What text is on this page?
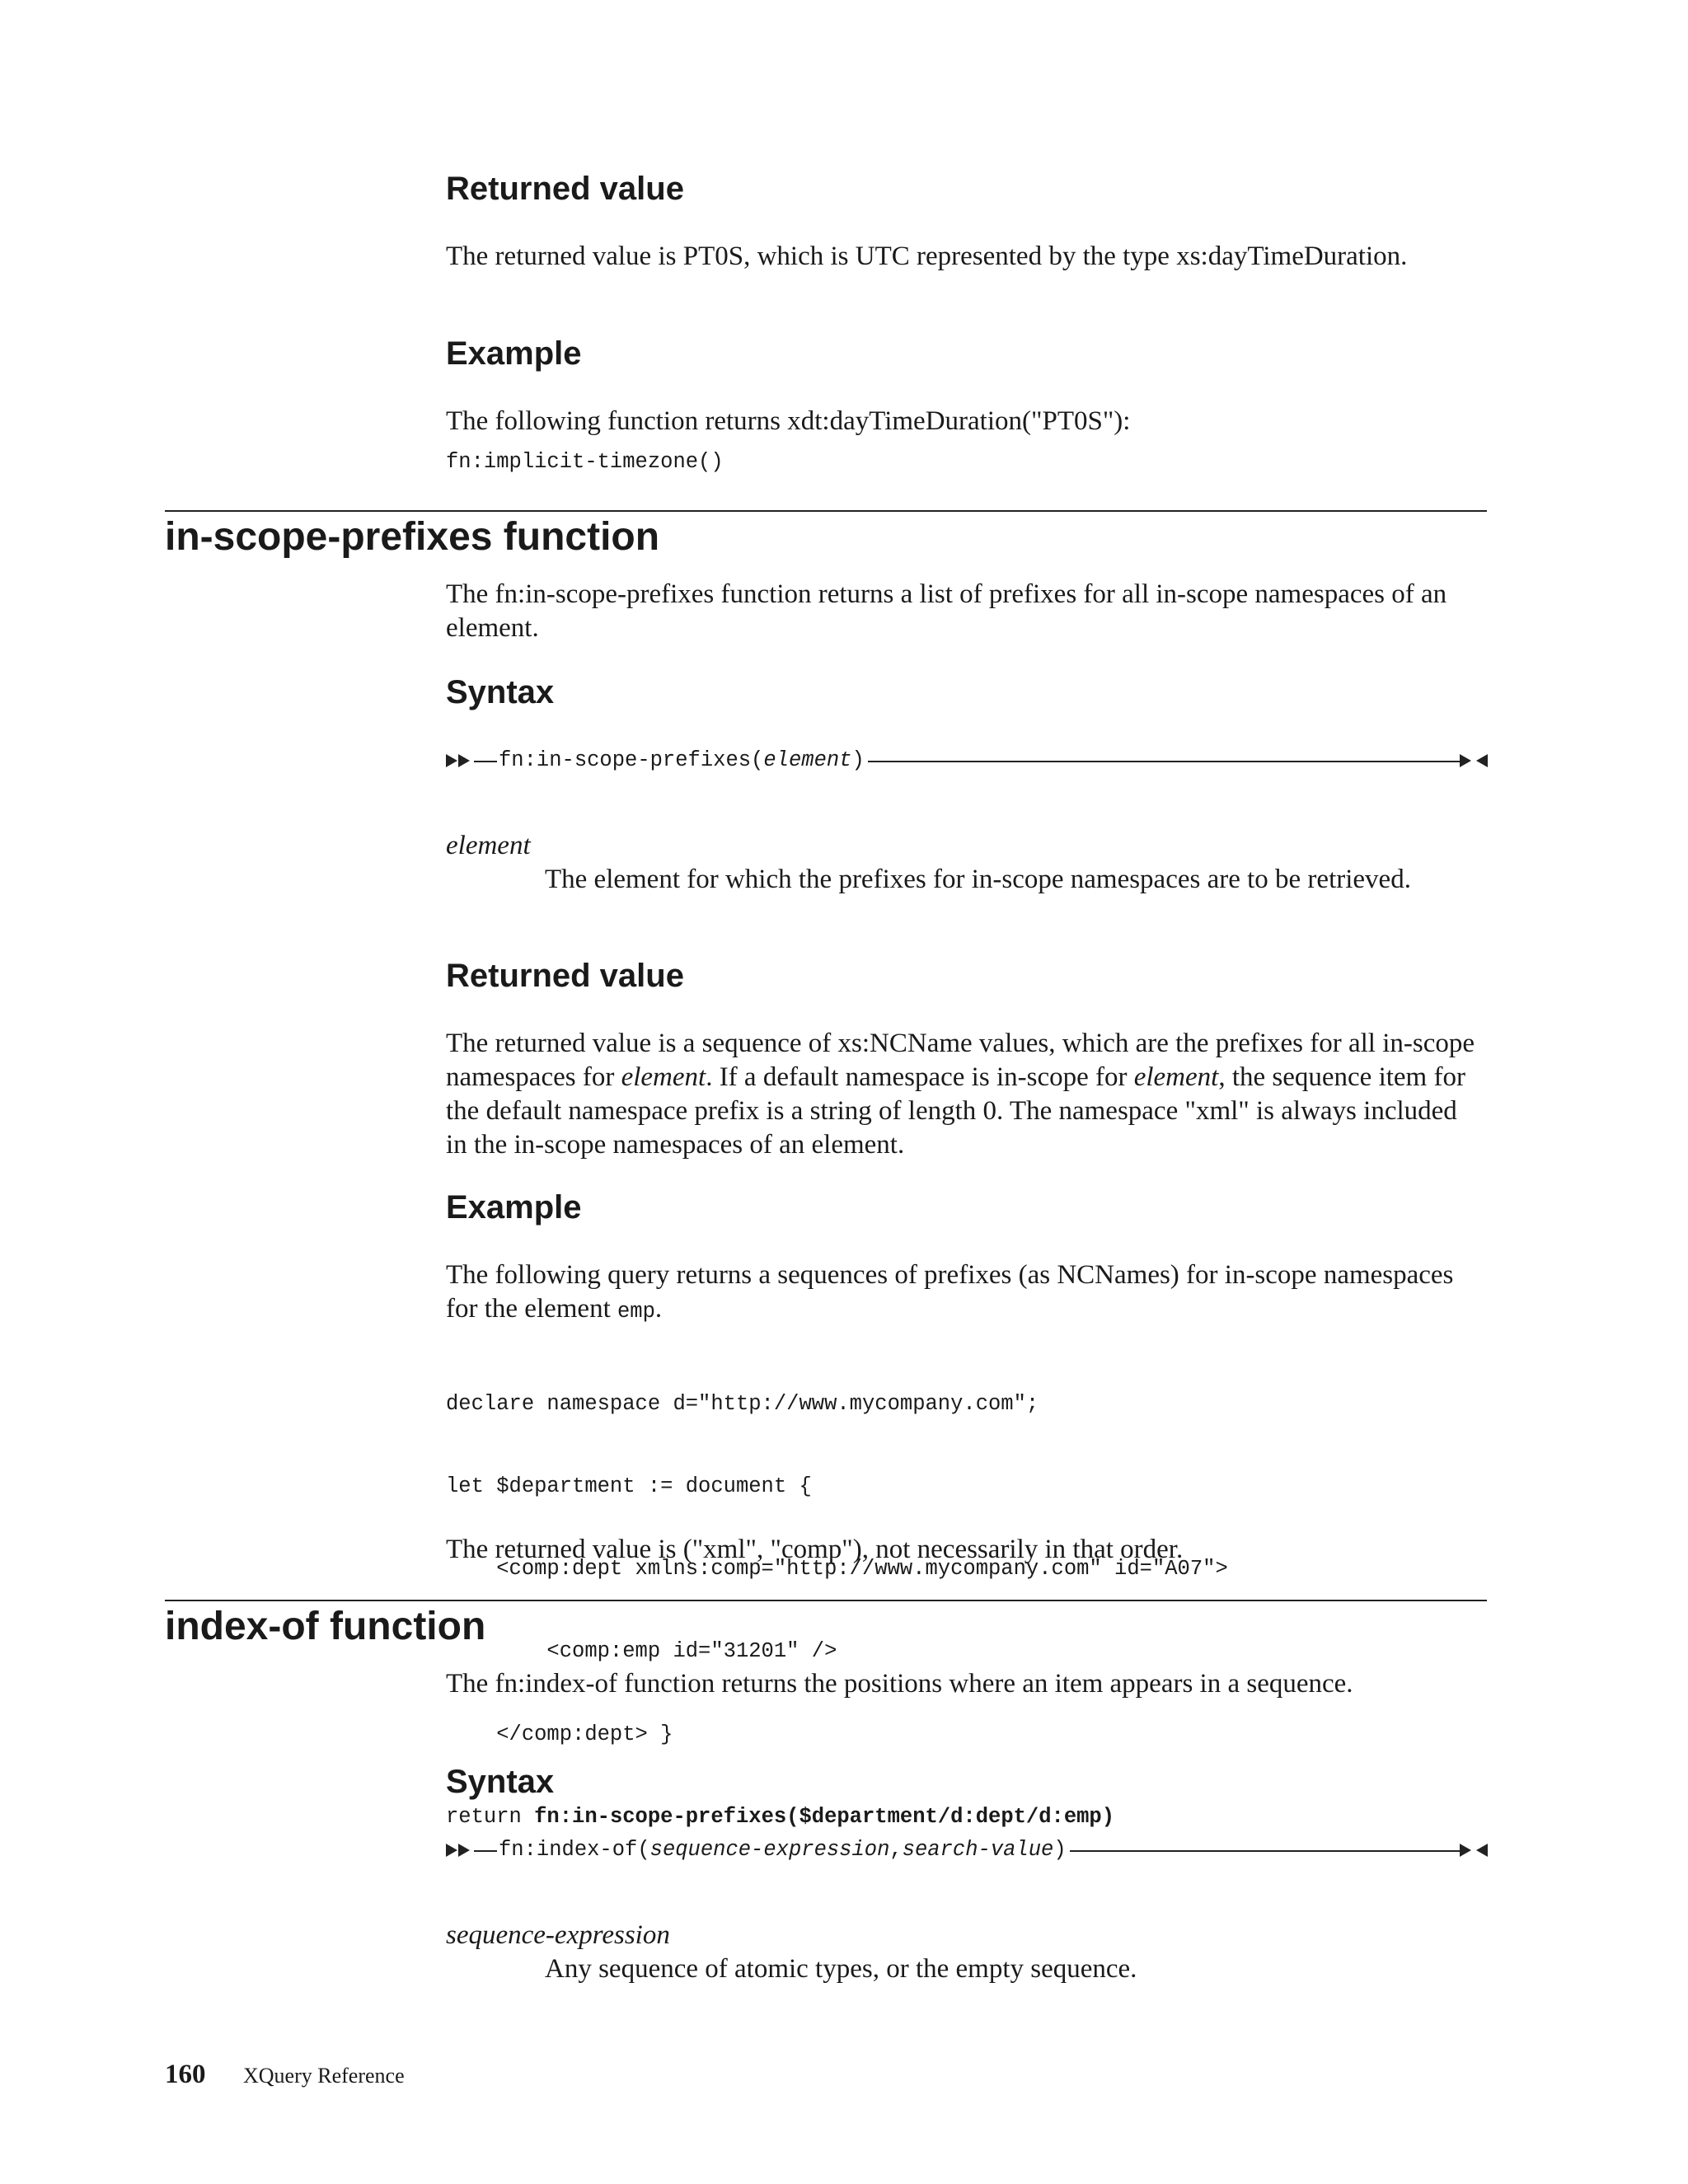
Returned value

The returned value is PT0S, which is UTC represented by the type xs:dayTimeDuration.

Example

The following function returns xdt:dayTimeDuration("PT0S"):

fn:implicit-timezone()
in-scope-prefixes function

The fn:in-scope-prefixes function returns a list of prefixes for all in-scope namespaces of an element.

Syntax
fn:in-scope-prefixes(element)

element

The element for which the prefixes for in-scope namespaces are to be retrieved.

Returned value

The returned value is a sequence of xs:NCName values, which are the prefixes for all in-scope namespaces for element. If a default namespace is in-scope for element, the sequence item for the default namespace prefix is a string of length 0. The namespace "xml" is always included in the in-scope namespaces of an element.

Example

The following query returns a sequences of prefixes (as NCNames) for in-scope namespaces for the element emp.

declare namespace d="http://www.mycompany.com";

let $department := document {

<comp:dept xmlns:comp="http://www.mycompany.com" id="A07">

<comp:emp id="31201" />

</comp:dept> }

return fn:in-scope-prefixes($department/d:dept/d:emp)

The returned value is ("xml", "comp"), not necessarily in that order.

index-of function

The fn:index-of function returns the positions where an item appears in a sequence.

Syntax
fn:index-of(sequence-expression,search-value)

sequence-expression

Any sequence of atomic types, or the empty sequence.

160 XQuery Reference
